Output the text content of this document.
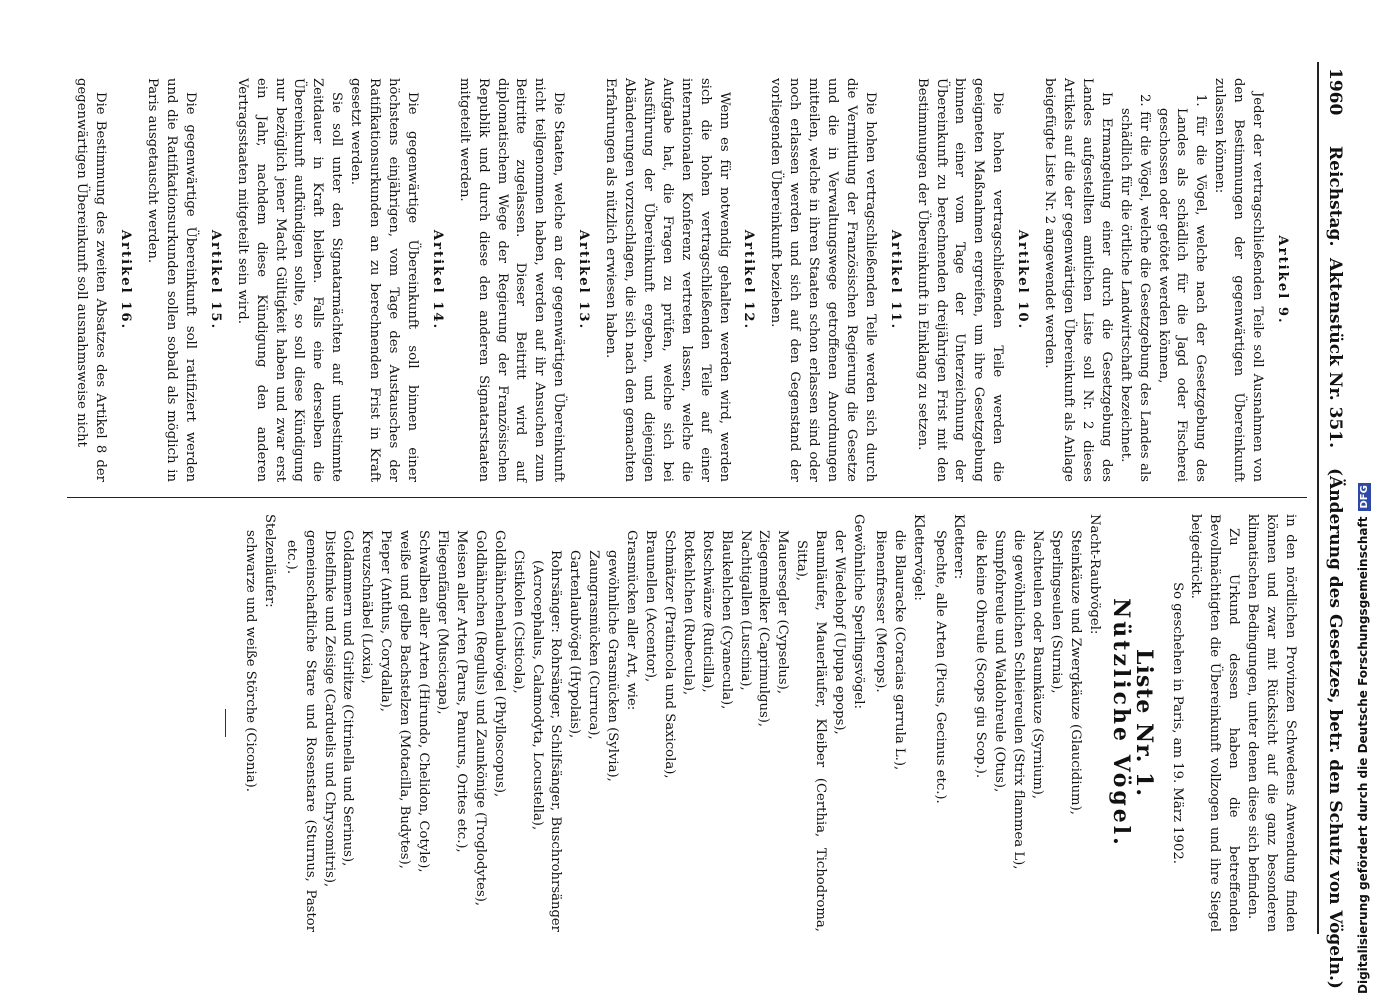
1960
Reichstag.
Aktenstück Nr. 351.
(Änderung des Gesetzes, betr. den Schutz von Vögeln.)

Artikel 9.

Jeder der vertragschließenden Teile soll Ausnahmen von den Bestimmungen der gegenwärtigen Übereinkunft zulassen können:

1. für die Vögel, welche nach der Gesetzgebung des Landes als schädlich für die Jagd oder Fischerei geschossen oder getötet werden können,

2. für die Vögel, welche die Gesetzgebung des Landes als schädlich für die örtliche Landwirtschaft bezeichnet.

In Ermangelung einer durch die Gesetzgebung des Landes aufgestellten amtlichen Liste soll Nr. 2 dieses Artikels auf die der gegenwärtigen Übereinkunft als Anlage beigefügte Liste Nr. 2 angewendet werden.

Artikel 10.

Die hohen vertragschließenden Teile werden die geeigneten Maßnahmen ergreifen, um ihre Gesetzgebung binnen einer vom Tage der Unterzeichnung der Übereinkunft zu berechnenden dreijährigen Frist mit den Bestimmungen der Übereinkunft in Einklang zu setzen.

Artikel 11.

Die hohen vertragschließenden Teile werden sich durch die Vermittlung der Französischen Regierung die Gesetze und die in Verwaltungswege getroffenen Anordnungen mitteilen, welche in ihren Staaten schon erlassen sind oder noch erlassen werden und sich auf den Gegenstand der vorliegenden Übereinkunft beziehen.

Artikel 12.

Wenn es für notwendig gehalten werden wird, werden sich die hohen vertragschließenden Teile auf einer internationalen Konferenz vertreten lassen, welche die Aufgabe hat, die Fragen zu prüfen, welche sich bei Ausführung der Übereinkunft ergeben, und diejenigen Abänderungen vorzuschlagen, die sich nach den gemachten Erfahrungen als nützlich erwiesen haben.

Artikel 13.

Die Staaten, welche an der gegenwärtigen Übereinkunft nicht teilgenommen haben, werden auf ihr Ansuchen zum Beitritte zugelassen. Dieser Beitritt wird auf diplomatischem Wege der Regierung der Französischen Republik und durch diese den anderen Signatarstaaten mitgeteilt werden.

Artikel 14.

Die gegenwärtige Übereinkunft soll binnen einer höchstens einjährigen, vom Tage des Austausches der Ratifikationsurkunden an zu berechnenden Frist in Kraft gesetzt werden.

Sie soll unter den Signatarmächten auf unbestimmte Zeitdauer in Kraft bleiben. Falls eine derselben die Übereinkunft aufkündigen sollte, so soll diese Kündigung nur bezüglich jener Macht Gültigkeit haben und zwar erst ein Jahr, nachdem diese Kündigung den anderen Vertragsstaaten mitgeteilt sein wird.

Artikel 15.

Die gegenwärtige Übereinkunft soll ratifiziert werden und die Ratifikationsurkunden sollen sobald als möglich in Paris ausgetauscht werden.

Artikel 16.

Die Bestimmung des zweiten Absatzes des Artikel 8 der gegenwärtigen Übereinkunft soll ausnahmsweise nicht

in den nördlichen Provinzen Schwedens Anwendung finden können und zwar mit Rücksicht auf die ganz besonderen klimatischen Bedingungen, unter denen diese sich befinden.

Zu Urkund dessen haben die betreffenden Bevollmächtigten die Übereinkunft vollzogen und ihre Siegel beigedrückt.

So geschehen in Paris, am 19. März 1902.

Liste Nr. 1.

Nützliche Vögel.

Nacht-Raubvögel:

Steinkäuze und Zwergkäuze (Glaucidium),

Sperlingseulen (Surnia),

Nachteulen oder Baumkäuze (Syrnium),

die gewöhnlichen Schleiereulen (Strix flammea L),

Sumpfohreule und Waldohreule (Otus),

die kleine Ohreule (Scops giu Scop.).

Kletterer:

Spechte, alle Arten (Picus, Gecinus etc.).

Klettervögel:

die Blauracke (Coracias garrula L.),

Bienenfresser (Merops).

Gewöhnliche Sperlingsvögel:

der Wiedehopf (Upupa epops),

Baumläufer, Mauerläufer, Kleiber (Certhia, Tichodroma, Sitta),

Mauersegler (Cypselus),

Ziegenmelker (Caprimulgus),

Nachtigallen (Luscinia),

Blaukehlchen (Cyanecula),

Rotschwänze (Ruticilla),

Rotkehlchen (Rubecula),

Schmätzer (Pratincola und Saxicola),

Braunellen (Accentor),

Grasmücken aller Art, wie:

gewöhnliche Grasmücken (Sylvia),

Zaungrasmücken (Curruca),

Gartenlaubvögel (Hypolais),

Rohrsänger: Rohrsänger, Schilfsänger, Buschrohrsänger (Acrocephalus, Calamodyta, Locustella),

Cistikolen (Cisticola),

Goldhähnchenlaubvögel (Phylloscopus),

Goldhähnchen (Regulus) und Zaunkönige (Troglodytes),

Meisen aller Arten (Parus, Panurus, Orites etc.),

Fliegenfänger (Muscicapa),

Schwalben aller Arten (Hirundo, Chelidon, Cotyle),

weiße und gelbe Bachstelzen (Motacilla, Budytes),

Pieper (Anthus, Corydalla),

Kreuzschnäbel (Loxia),

Goldammern und Girlitze (Citrinella und Serinus),

Distelfinke und Zeisige (Carduelis und Chrysomitris),

gemeinschaftliche Stare und Rosenstare (Sturnus, Pastor etc.).

Stelzenläufer:

schwarze und weiße Störche (Ciconia).	Digitalisierung gefördert durch die Deutsche ForschungsgemeinschaftDFG
